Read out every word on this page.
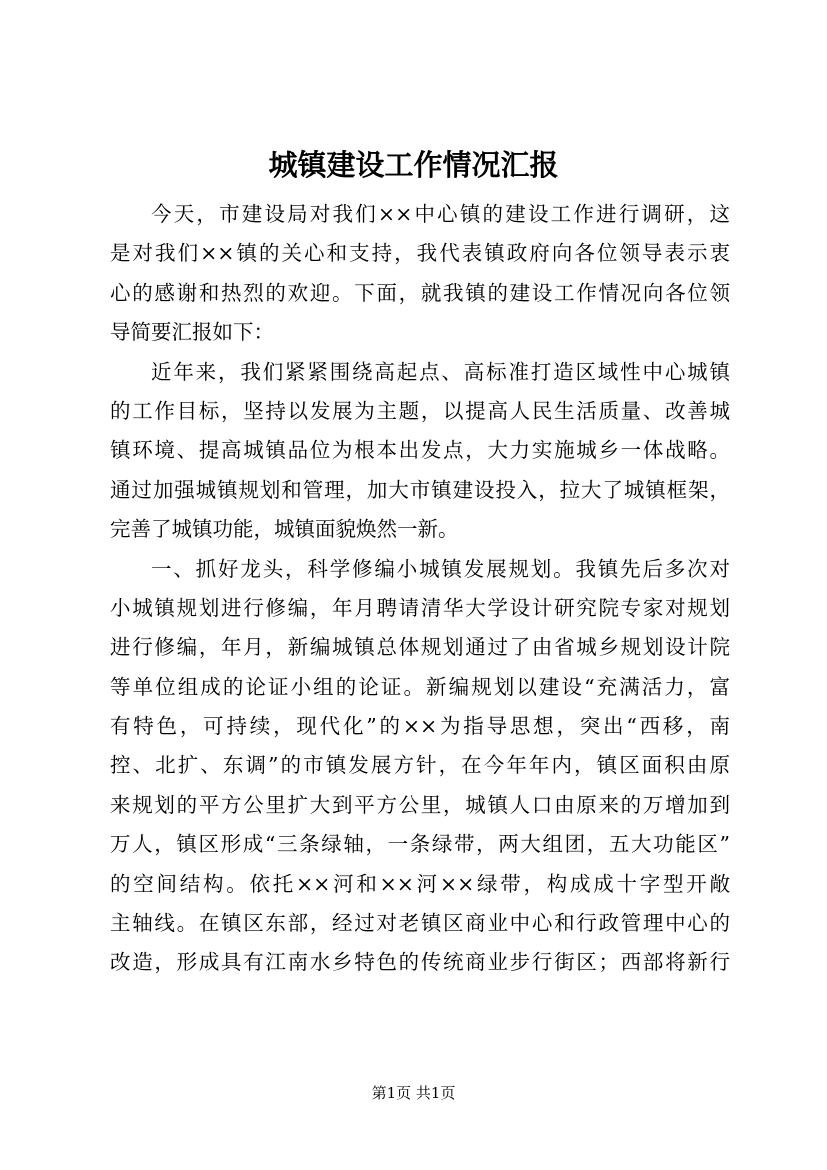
城镇建设工作情况汇报
今天，市建设局对我们××中心镇的建设工作进行调研，这
是对我们××镇的关心和支持，我代表镇政府向各位领导表示衷
心的感谢和热烈的欢迎。下面，就我镇的建设工作情况向各位领
导简要汇报如下：
近年来，我们紧紧围绕高起点、高标准打造区域性中心城镇
的工作目标，坚持以发展为主题，以提高人民生活质量、改善城
镇环境、提高城镇品位为根本出发点，大力实施城乡一体战略。
通过加强城镇规划和管理，加大市镇建设投入，拉大了城镇框架，
完善了城镇功能，城镇面貌焕然一新。
一、抓好龙头，科学修编小城镇发展规划。我镇先后多次对
小城镇规划进行修编，年月聘请清华大学设计研究院专家对规划
进行修编，年月，新编城镇总体规划通过了由省城乡规划设计院
等单位组成的论证小组的论证。新编规划以建设“充满活力，富
有特色，可持续，现代化”的××为指导思想，突出“西移，南
控、北扩、东调”的市镇发展方针，在今年年内，镇区面积由原
来规划的平方公里扩大到平方公里，城镇人口由原来的万增加到
万人，镇区形成“三条绿轴，一条绿带，两大组团，五大功能区”
的空间结构。依托××河和××河××绿带，构成成十字型开敞
主轴线。在镇区东部，经过对老镇区商业中心和行政管理中心的
改造，形成具有江南水乡特色的传统商业步行街区；西部将新行
第1页 共1页
